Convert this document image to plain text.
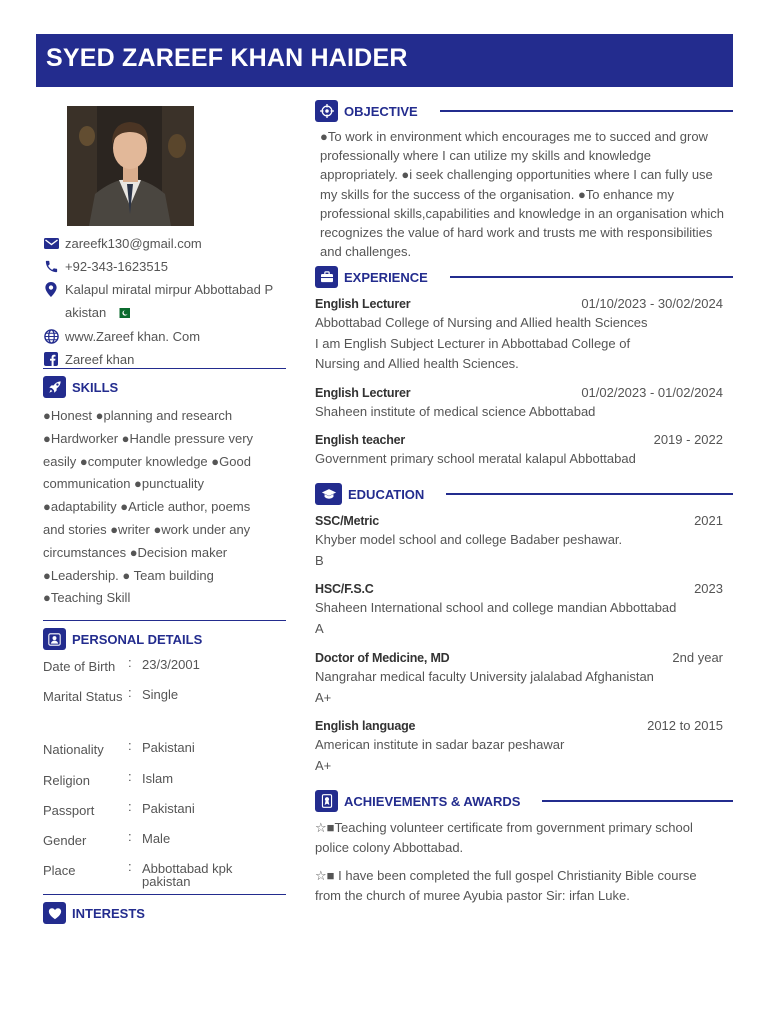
SYED ZAREEF KHAN HAIDER
zareefk130@gmail.com
+92-343-1623515
Kalapul miratal mirpur Abbottabad P akistan
www.Zareef khan. Com
Zareef khan
SKILLS
●Honest ●planning and research ●Hardworker ●Handle pressure very easily ●computer knowledge ●Good communication ●punctuality ●adaptability ●Article author, poems and stories ●writer ●work under any circumstances ●Decision maker ●Leadership. ● Team building ●Teaching Skill
PERSONAL DETAILS
Date of Birth : 23/3/2001
Marital Status : Single
Nationality	: Pakistani
Religion	: Islam
Passport	: Pakistani
Gender	: Male
Place	: Abbottabad kpk pakistan
INTERESTS
OBJECTIVE
●To work in environment which encourages me to succed and grow professionally where I can utilize my skills and knowledge appropriately. ●i seek challenging opportunities where I can fully use my skills for the success of the organisation. ●To enhance my professional skills,capabilities and knowledge in an organisation which recognizes the value of hard work and trusts me with responsibilities and challenges.
EXPERIENCE
English Lecturer	01/10/2023 - 30/02/2024
Abbottabad College of Nursing and Allied health Sciences
I am English Subject Lecturer in Abbottabad College of Nursing and Allied health Sciences.
English Lecturer	01/02/2023 - 01/02/2024
Shaheen institute of medical science Abbottabad
English teacher	2019 - 2022
Government primary school meratal kalapul Abbottabad
EDUCATION
SSC/Metric	2021
Khyber model school and college Badaber peshawar.
B
HSC/F.S.C	2023
Shaheen International school and college mandian Abbottabad
A
Doctor of Medicine, MD	2nd year
Nangrahar medical faculty University jalalabad Afghanistan
A+
English language	2012 to 2015
American institute in sadar bazar peshawar
A+
ACHIEVEMENTS & AWARDS
☆■Teaching volunteer certificate from government primary school police colony Abbottabad.
☆■ I have been completed the full gospel Christianity Bible course from the church of muree Ayubia pastor Sir: irfan Luke.
